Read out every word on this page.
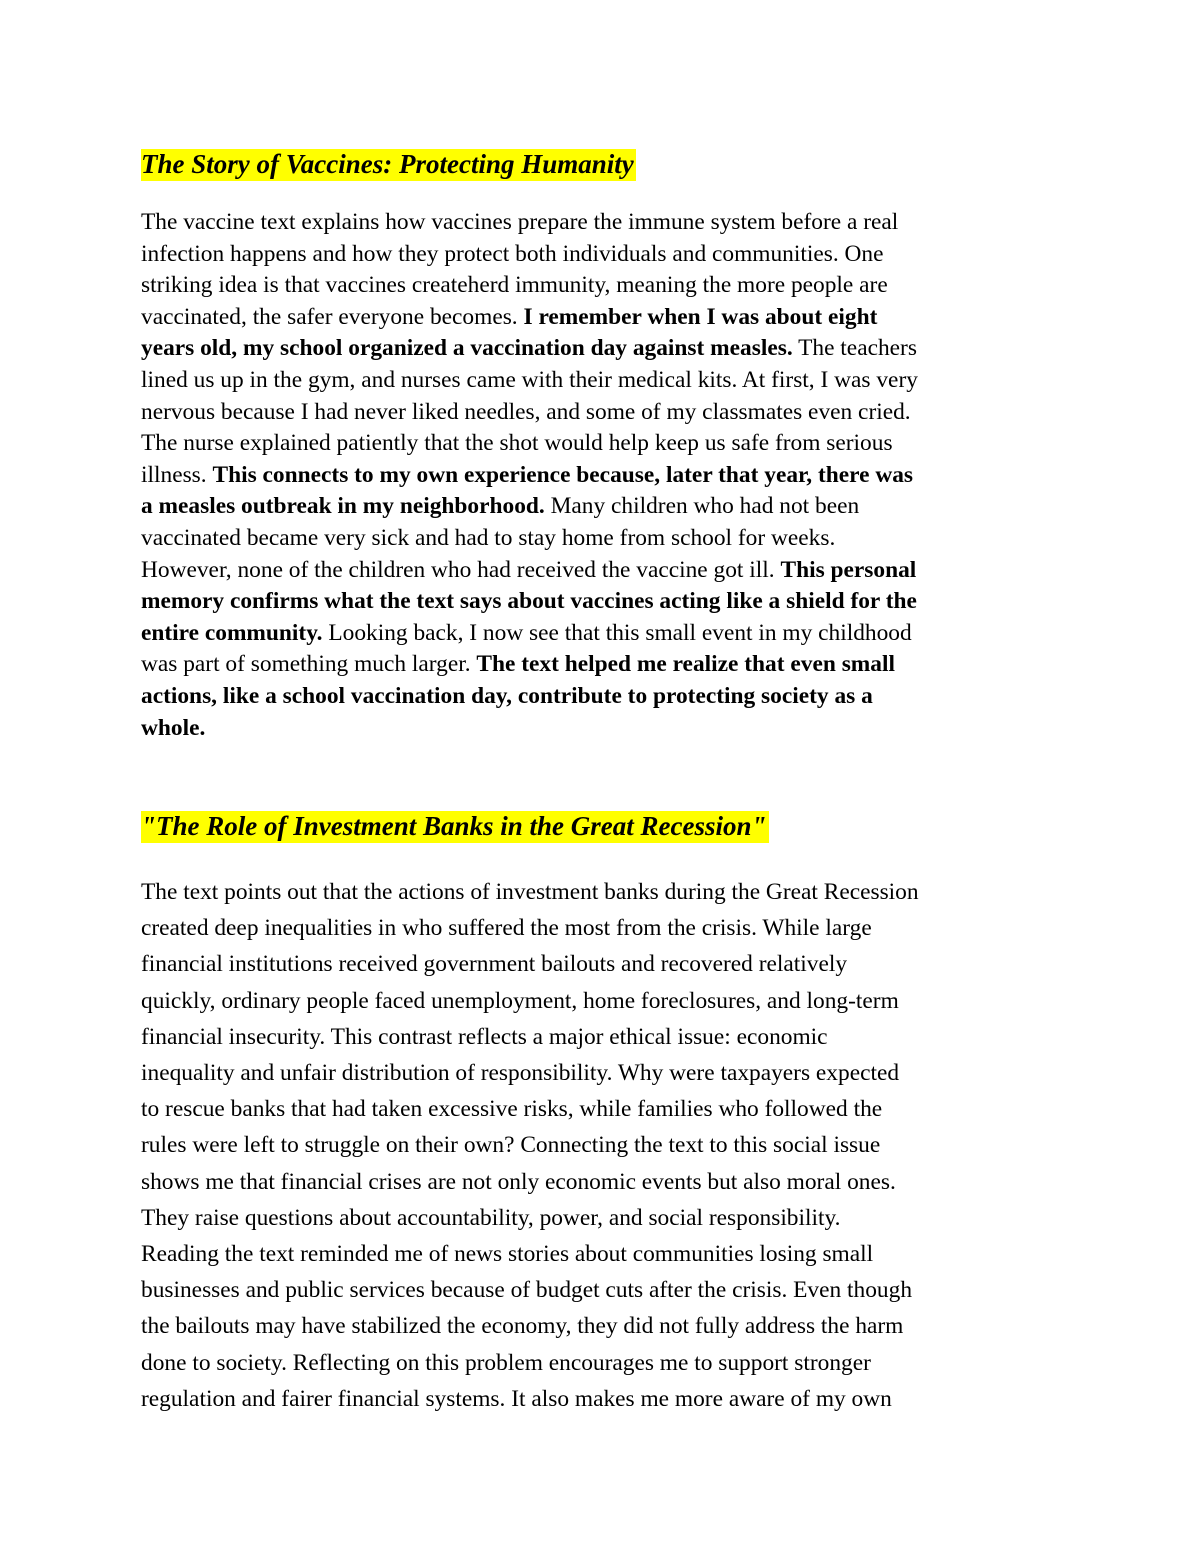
The Story of Vaccines: Protecting Humanity

The vaccine text explains how vaccines prepare the immune system before a real
infection happens and how they protect both individuals and communities. One
striking idea is that vaccines createherd immunity, meaning the more people are
vaccinated, the safer everyone becomes. I remember when I was about eight
years old, my school organized a vaccination day against measles. The teachers
lined us up in the gym, and nurses came with their medical kits. At first, I was very
nervous because I had never liked needles, and some of my classmates even cried.
The nurse explained patiently that the shot would help keep us safe from serious
illness. This connects to my own experience because, later that year, there was
a measles outbreak in my neighborhood. Many children who had not been
vaccinated became very sick and had to stay home from school for weeks.
However, none of the children who had received the vaccine got ill. This personal
memory confirms what the text says about vaccines acting like a shield for the
entire community. Looking back, I now see that this small event in my childhood
was part of something much larger. The text helped me realize that even small
actions, like a school vaccination day, contribute to protecting society as a
whole.

"The Role of Investment Banks in the Great Recession"

The text points out that the actions of investment banks during the Great Recession
created deep inequalities in who suffered the most from the crisis. While large
financial institutions received government bailouts and recovered relatively
quickly, ordinary people faced unemployment, home foreclosures, and long-term
financial insecurity. This contrast reflects a major ethical issue: economic
inequality and unfair distribution of responsibility. Why were taxpayers expected
to rescue banks that had taken excessive risks, while families who followed the
rules were left to struggle on their own? Connecting the text to this social issue
shows me that financial crises are not only economic events but also moral ones.
They raise questions about accountability, power, and social responsibility.
Reading the text reminded me of news stories about communities losing small
businesses and public services because of budget cuts after the crisis. Even though
the bailouts may have stabilized the economy, they did not fully address the harm
done to society. Reflecting on this problem encourages me to support stronger
regulation and fairer financial systems. It also makes me more aware of my own
